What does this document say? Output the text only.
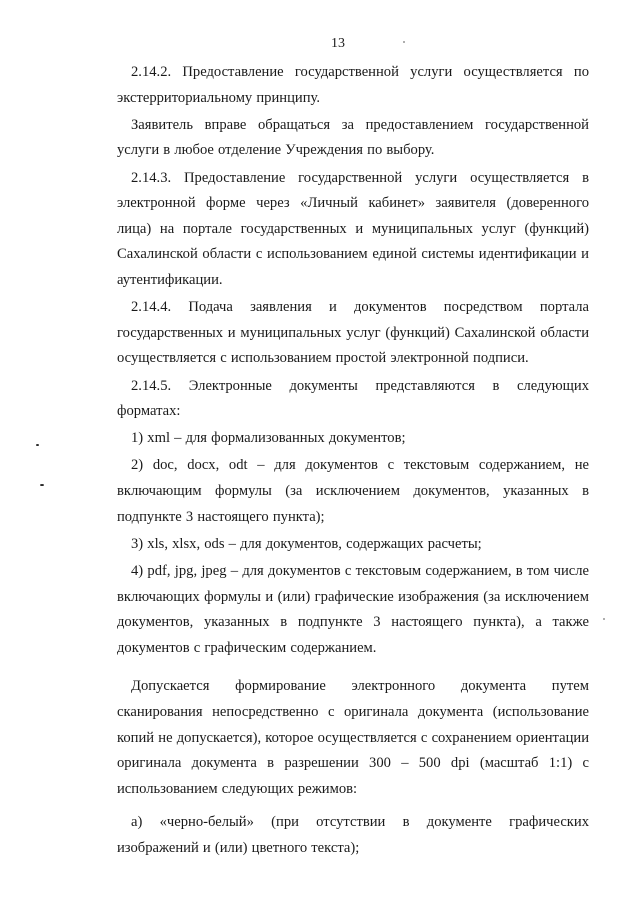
13

2.14.2. Предоставление государственной услуги осуществляется по экстерриториальному принципу.

Заявитель вправе обращаться за предоставлением государственной услуги в любое отделение Учреждения по выбору.

2.14.3. Предоставление государственной услуги осуществляется в электронной форме через «Личный кабинет» заявителя (доверенного лица) на портале государственных и муниципальных услуг (функций) Сахалинской области с использованием единой системы идентификации и аутентификации.

2.14.4. Подача заявления и документов посредством портала государственных и муниципальных услуг (функций) Сахалинской области осуществляется с использованием простой электронной подписи.

2.14.5. Электронные документы представляются в следующих форматах:

1) xml – для формализованных документов;

2) doc, docx, odt – для документов с текстовым содержанием, не включающим формулы (за исключением документов, указанных в подпункте 3 настоящего пункта);

3) xls, xlsx, ods – для документов, содержащих расчеты;

4) pdf, jpg, jpeg – для документов с текстовым содержанием, в том числе включающих формулы и (или) графические изображения (за исключением документов, указанных в подпункте 3 настоящего пункта), а также документов с графическим содержанием.

Допускается формирование электронного документа путем сканирования непосредственно с оригинала документа (использование копий не допускается), которое осуществляется с сохранением ориентации оригинала документа в разрешении 300 – 500 dpi (масштаб 1:1) с использованием следующих режимов:

а) «черно-белый» (при отсутствии в документе графических изображений и (или) цветного текста);
